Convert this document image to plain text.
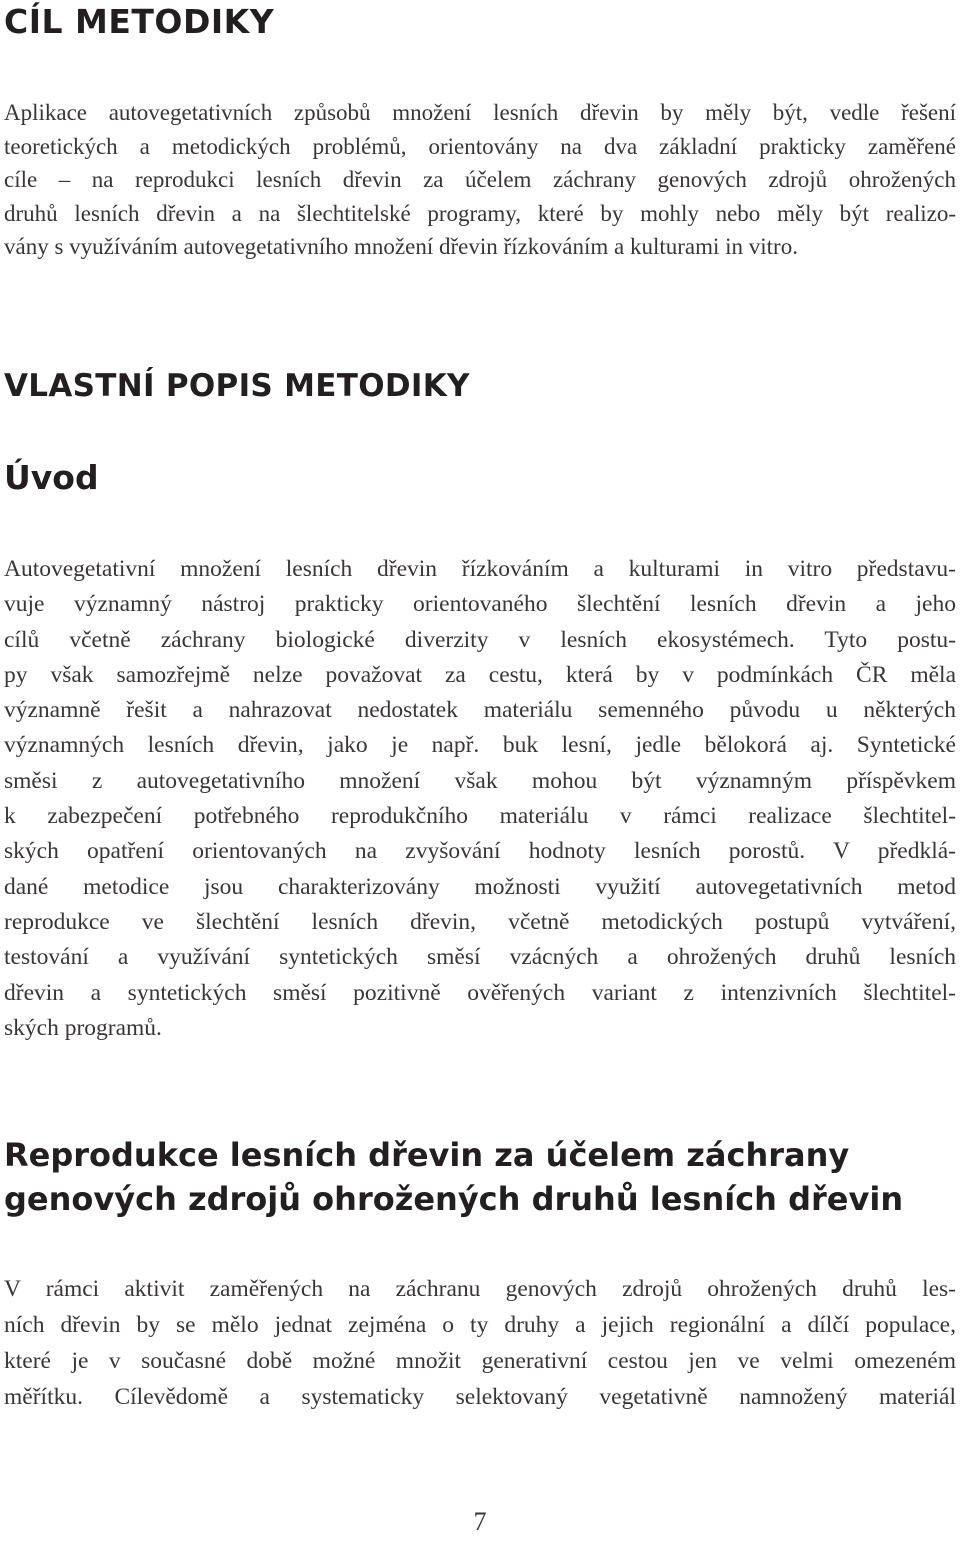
CÍL METODIKY

Aplikace autovegetativních způsobů množení lesních dřevin by měly být, vedle řešení
teoretických a metodických problémů, orientovány na dva základní prakticky zaměřené
cíle – na reprodukci lesních dřevin za účelem záchrany genových zdrojů ohrožených
druhů lesních dřevin a na šlechtitelské programy, které by mohly nebo měly být realizo-
vány s využíváním autovegetativního množení dřevin řízkováním a kulturami in vitro.

VLASTNÍ POPIS METODIKY
Úvod

Autovegetativní množení lesních dřevin řízkováním a kulturami in vitro představu-
vuje významný nástroj prakticky orientovaného šlechtění lesních dřevin a jeho
cílů včetně záchrany biologické diverzity v lesních ekosystémech. Tyto postu-
py však samozřejmě nelze považovat za cestu, která by v podmínkách ČR měla
významně řešit a nahrazovat nedostatek materiálu semenného původu u některých
významných lesních dřevin, jako je např. buk lesní, jedle bělokorá aj. Syntetické
směsi z autovegetativního množení však mohou být významným příspěvkem
k zabezpečení potřebného reprodukčního materiálu v rámci realizace šlechtitel-
ských opatření orientovaných na zvyšování hodnoty lesních porostů. V předklá-
dané metodice jsou charakterizovány možnosti využití autovegetativních metod
reprodukce ve šlechtění lesních dřevin, včetně metodických postupů vytváření,
testování a využívání syntetických směsí vzácných a ohrožených druhů lesních
dřevin a syntetických směsí pozitivně ověřených variant z intenzivních šlechtitel-
ských programů.

Reprodukce lesních dřevin za účelem záchrany
genových zdrojů ohrožených druhů lesních dřevin

V rámci aktivit zaměřených na záchranu genových zdrojů ohrožených druhů les-
ních dřevin by se mělo jednat zejména o ty druhy a jejich regionální a dílčí populace,
které je v současné době možné množit generativní cestou jen ve velmi omezeném
měřítku. Cílevědomě a systematicky selektovaný vegetativně namnožený materiál

7
